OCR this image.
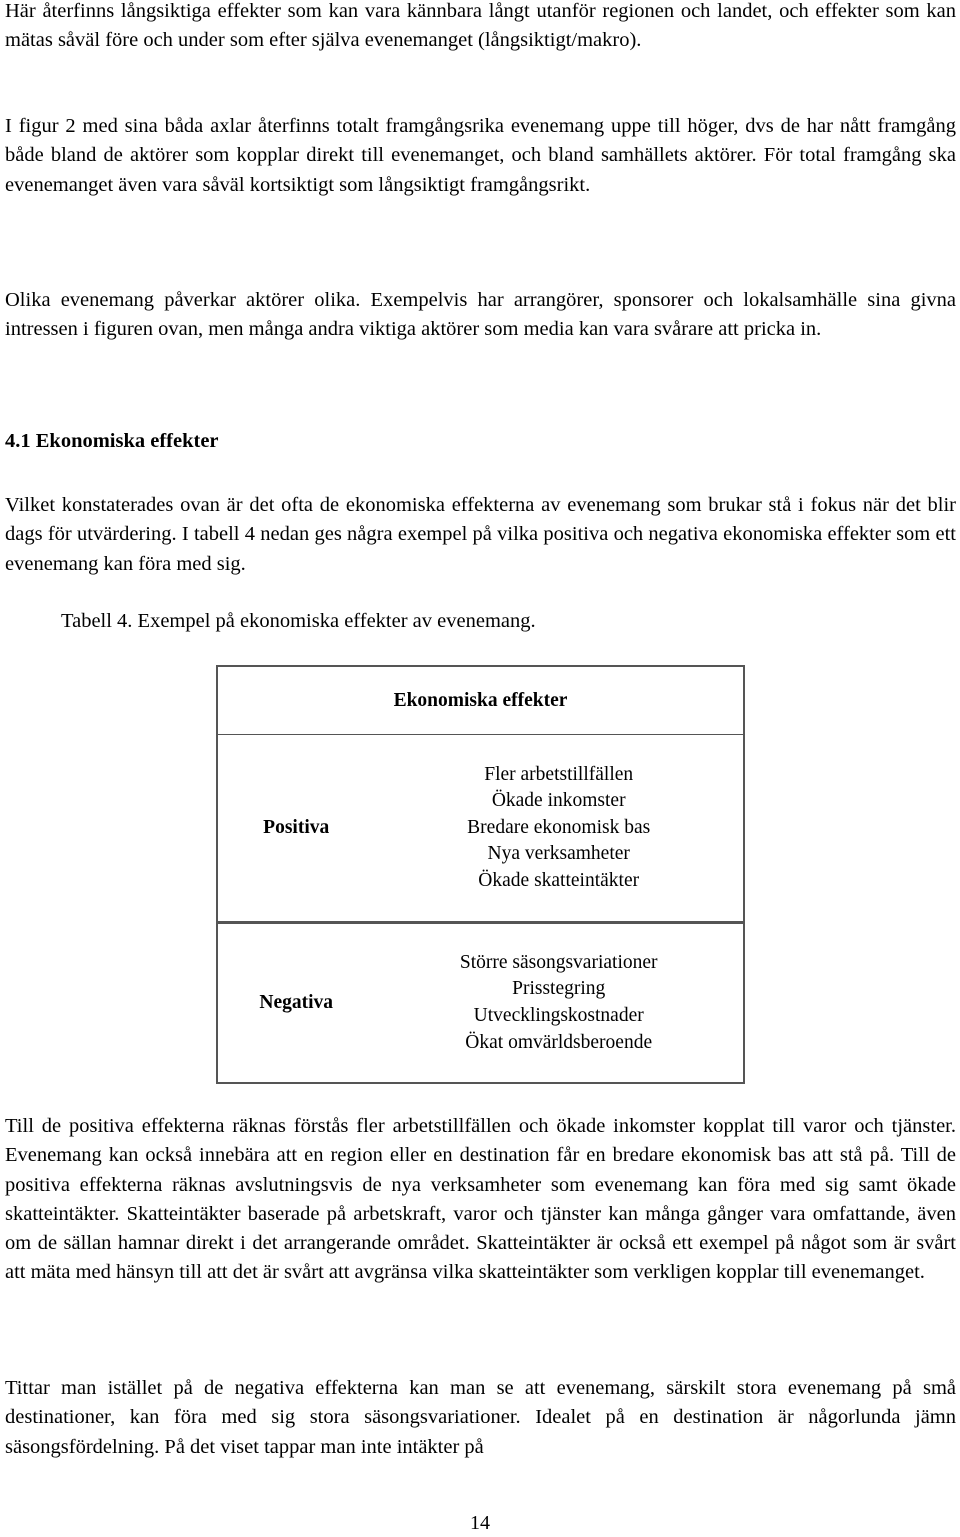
Här återfinns långsiktiga effekter som kan vara kännbara långt utanför regionen och landet, och effekter som kan mätas såväl före och under som efter själva evenemanget (långsiktigt/makro).

I figur 2 med sina båda axlar återfinns totalt framgångsrika evenemang uppe till höger, dvs de har nått framgång både bland de aktörer som kopplar direkt till evenemanget, och bland samhällets aktörer. För total framgång ska evenemanget även vara såväl kortsiktigt som långsiktigt framgångsrikt.

Olika evenemang påverkar aktörer olika. Exempelvis har arrangörer, sponsorer och lokalsamhälle sina givna intressen i figuren ovan, men många andra viktiga aktörer som media kan vara svårare att pricka in.

4.1 Ekonomiska effekter

Vilket konstaterades ovan är det ofta de ekonomiska effekterna av evenemang som brukar stå i fokus när det blir dags för utvärdering. I tabell 4 nedan ges några exempel på vilka positiva och negativa ekonomiska effekter som ett evenemang kan föra med sig.

Tabell 4. Exempel på ekonomiska effekter av evenemang.

Ekonomiska effekter
Positiva
Fler arbetstillfällen
Ökade inkomster
Bredare ekonomisk bas
Nya verksamheter
Ökade skatteintäkter
Negativa
Större säsongsvariationer
Prisstegring
Utvecklingskostnader
Ökat omvärldsberoende

Till de positiva effekterna räknas förstås fler arbetstillfällen och ökade inkomster kopplat till varor och tjänster. Evenemang kan också innebära att en region eller en destination får en bredare ekonomisk bas att stå på. Till de positiva effekterna räknas avslutningsvis de nya verksamheter som evenemang kan föra med sig samt ökade skatteintäkter. Skatteintäkter baserade på arbetskraft, varor och tjänster kan många gånger vara omfattande, även om de sällan hamnar direkt i det arrangerande området. Skatteintäkter är också ett exempel på något som är svårt att mäta med hänsyn till att det är svårt att avgränsa vilka skatteintäkter som verkligen kopplar till evenemanget.

Tittar man istället på de negativa effekterna kan man se att evenemang, särskilt stora evenemang på små destinationer, kan föra med sig stora säsongsvariationer. Idealet på en destination är någorlunda jämn säsongsfördelning. På det viset tappar man inte intäkter på

14
